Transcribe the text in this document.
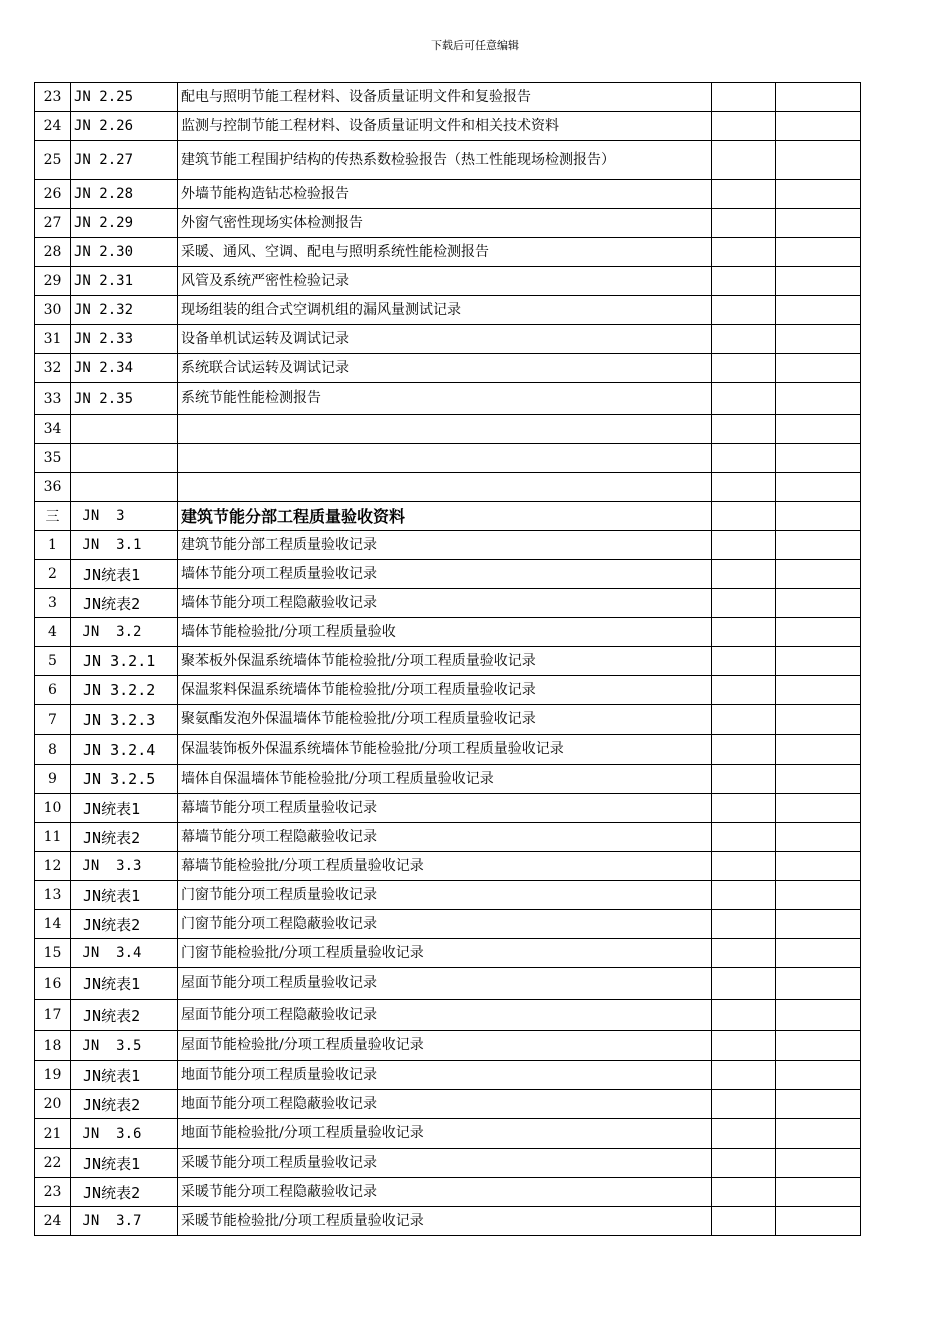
下载后可任意编辑
23	JN 2.25	配电与照明节能工程材料、设备质量证明文件和复验报告		
24	JN 2.26	监测与控制节能工程材料、设备质量证明文件和相关技术资料		
25	JN 2.27	建筑节能工程围护结构的传热系数检验报告（热工性能现场检测报告）		
26	JN 2.28	外墙节能构造钻芯检验报告		
27	JN 2.29	外窗气密性现场实体检测报告		
28	JN 2.30	采暖、通风、空调、配电与照明系统性能检测报告		
29	JN 2.31	风管及系统严密性检验记录		
30	JN 2.32	现场组装的组合式空调机组的漏风量测试记录		
31	JN 2.33	设备单机试运转及调试记录		
32	JN 2.34	系统联合试运转及调试记录		
33	JN 2.35	系统节能性能检测报告		
34				
35				
36				
三	JN  3	建筑节能分部工程质量验收资料		
1	JN  3.1	建筑节能分部工程质量验收记录		
2	JN统表1	墙体节能分项工程质量验收记录		
3	JN统表2	墙体节能分项工程隐蔽验收记录		
4	JN  3.2	墙体节能检验批/分项工程质量验收		
5	JN 3.2.1	聚苯板外保温系统墙体节能检验批/分项工程质量验收记录		
6	JN 3.2.2	保温浆料保温系统墙体节能检验批/分项工程质量验收记录		
7	JN 3.2.3	聚氨酯发泡外保温墙体节能检验批/分项工程质量验收记录		
8	JN 3.2.4	保温装饰板外保温系统墙体节能检验批/分项工程质量验收记录		
9	JN 3.2.5	墙体自保温墙体节能检验批/分项工程质量验收记录		
10	JN统表1	幕墙节能分项工程质量验收记录		
11	JN统表2	幕墙节能分项工程隐蔽验收记录		
12	JN  3.3	幕墙节能检验批/分项工程质量验收记录		
13	JN统表1	门窗节能分项工程质量验收记录		
14	JN统表2	门窗节能分项工程隐蔽验收记录		
15	JN  3.4	门窗节能检验批/分项工程质量验收记录		
16	JN统表1	屋面节能分项工程质量验收记录		
17	JN统表2	屋面节能分项工程隐蔽验收记录		
18	JN  3.5	屋面节能检验批/分项工程质量验收记录		
19	JN统表1	地面节能分项工程质量验收记录		
20	JN统表2	地面节能分项工程隐蔽验收记录		
21	JN  3.6	地面节能检验批/分项工程质量验收记录		
22	JN统表1	采暖节能分项工程质量验收记录		
23	JN统表2	采暖节能分项工程隐蔽验收记录		
24	JN  3.7	采暖节能检验批/分项工程质量验收记录		
